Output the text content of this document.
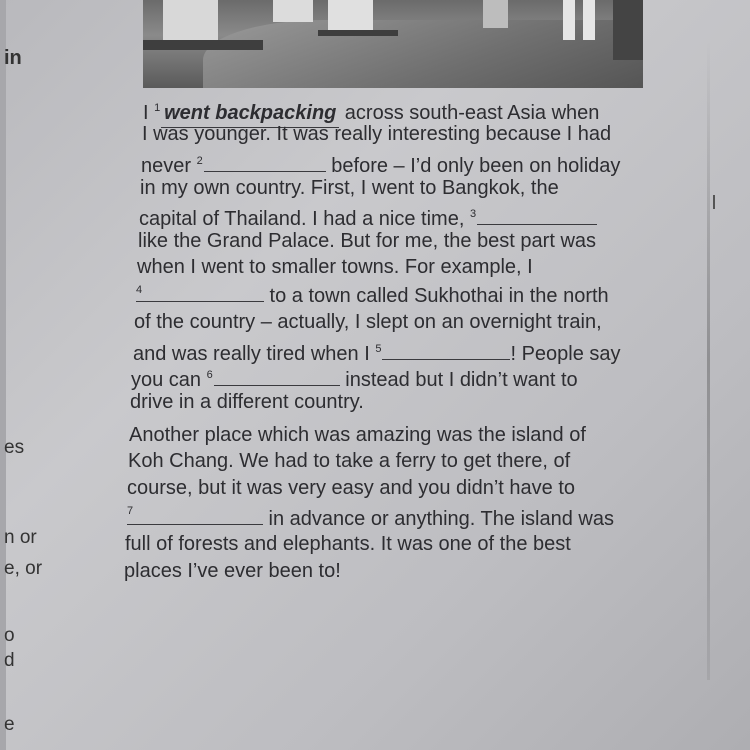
in
es
n or
e, or
o
d
e
I $^1$ went backpacking across south-east Asia when
I was younger. It was really interesting because I had
never $^2$	before – I’d only been on holiday
in my own country. First, I went to Bangkok, the
capital of Thailand. I had a nice time, $^3$
like the Grand Palace. But for me, the best part was
when I went to smaller towns. For example, I
4	to a town called Sukhothai in the north
of the country – actually, I slept on an overnight train,
and was really tired when I $^5$	! People say
you can $^6$	instead but I didn’t want to
drive in a different country.
Another place which was amazing was the island of
Koh Chang. We had to take a ferry to get there, of
course, but it was very easy and you didn’t have to
7	in advance or anything. The island was
full of forests and elephants. It was one of the best
places I’ve ever been to!
